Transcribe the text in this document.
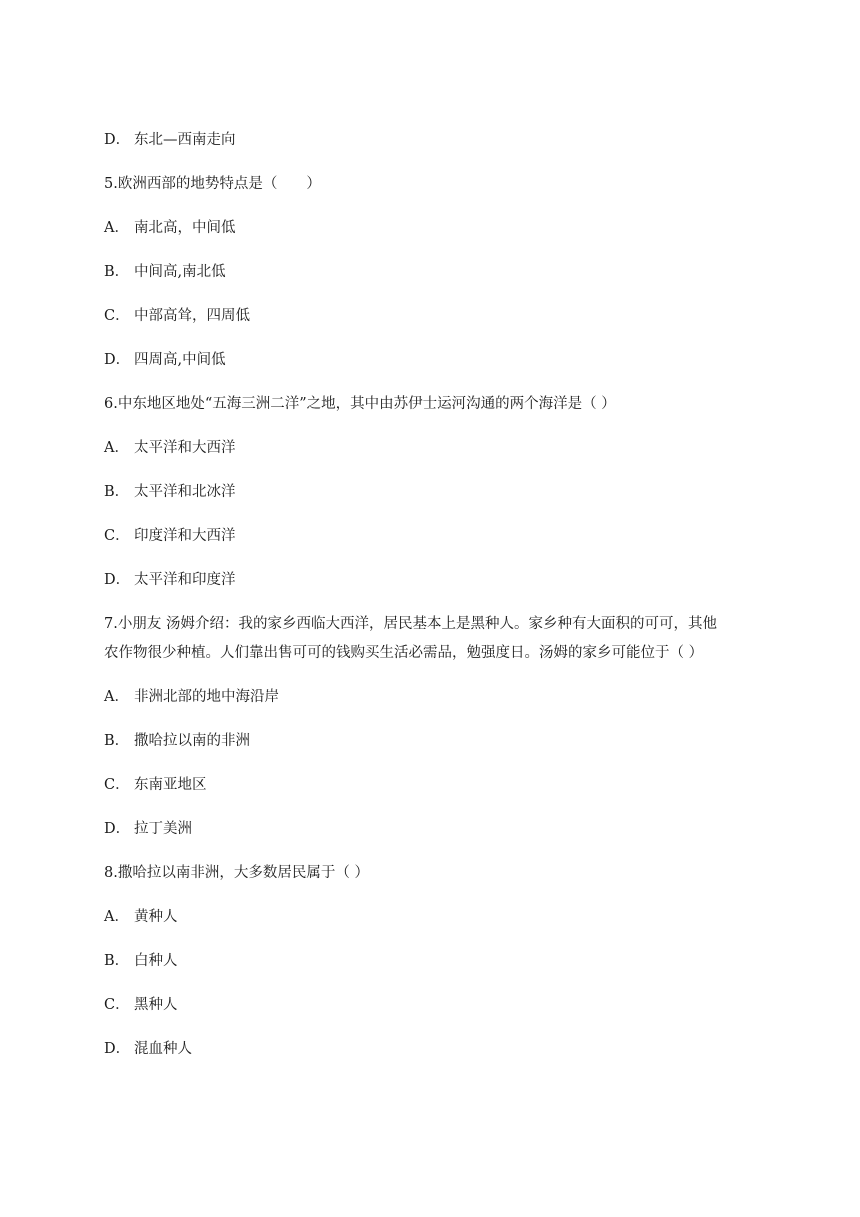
D． 东北—西南走向
5.欧洲西部的地势特点是（　　）
A． 南北高，中间低
B． 中间高,南北低
C． 中部高耸，四周低
D． 四周高,中间低
6.中东地区地处“五海三洲二洋”之地，其中由苏伊士运河沟通的两个海洋是（ ）
A． 太平洋和大西洋
B． 太平洋和北冰洋
C． 印度洋和大西洋
D． 太平洋和印度洋
7.小朋友 汤姆介绍：我的家乡西临大西洋，居民基本上是黑种人。家乡种有大面积的可可，其他
农作物很少种植。人们靠出售可可的钱购买生活必需品，勉强度日。汤姆的家乡可能位于（ ）
A． 非洲北部的地中海沿岸
B． 撒哈拉以南的非洲
C． 东南亚地区
D． 拉丁美洲
8.撒哈拉以南非洲，大多数居民属于（ ）
A． 黄种人
B． 白种人
C． 黑种人
D． 混血种人
